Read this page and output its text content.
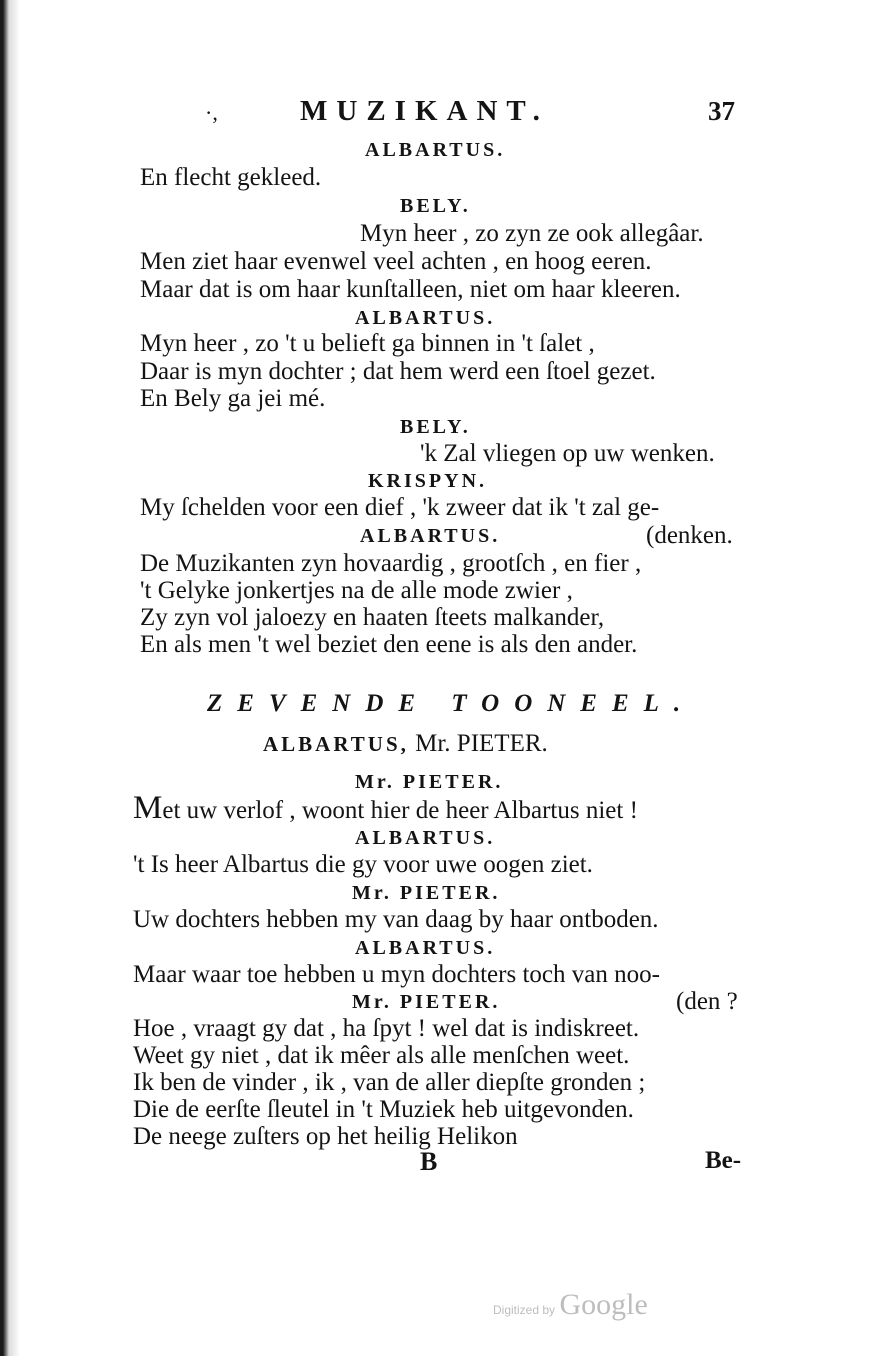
·,	MUZIKANT.	37
ALBARTUS.
En flecht gekleed.
BELY.
Myn heer , zo zyn ze ook allegâar.
Men ziet haar evenwel veel achten , en hoog eeren.
Maar dat is om haar kunſtalleen, niet om haar kleeren.
ALBARTUS.
Myn heer , zo 't u belieft ga binnen in 't ſalet ,
Daar is myn dochter ; dat hem werd een ſtoel gezet.
En Bely ga jei mé.
BELY.
'k Zal vliegen op uw wenken.
KRISPYN.
My ſchelden voor een dief , 'k zweer dat ik 't zal ge-
ALBARTUS.	(denken.
De Muzikanten zyn hovaardig , grootſch , en fier ,
't Gelyke jonkertjes na de alle mode zwier ,
Zy zyn vol jaloezy en haaten ſteets malkander,
En als men 't wel beziet den eene is als den ander.
ZEVENDE TOONEEL.
ALBARTUS, Mr. PIETER.
Mr. PIETER.
Met uw verlof , woont hier de heer Albartus niet !
ALBARTUS.
't Is heer Albartus die gy voor uwe oogen ziet.
Mr. PIETER.
Uw dochters hebben my van daag by haar ontboden.
ALBARTUS.
Maar waar toe hebben u myn dochters toch van noo-
Mr. PIETER.	(den ?
Hoe , vraagt gy dat , ha ſpyt ! wel dat is indiskreet.
Weet gy niet , dat ik mêer als alle menſchen weet.
Ik ben de vinder , ik , van de aller diepſte gronden ;
Die de eerſte ſleutel in 't Muziek heb uitgevonden.
De neege zuſters op het heilig Helikon
B	Be-
Digitized by Google
